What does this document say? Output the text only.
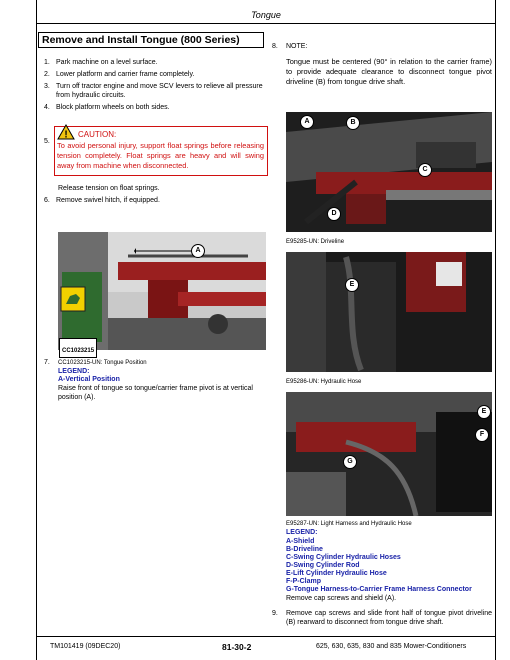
Tongue
Remove and Install Tongue (800 Series)
1. Park machine on a level surface.
2. Lower platform and carrier frame completely.
3. Turn off tractor engine and move SCV levers to relieve all pressure from hydraulic circuits.
4. Block platform wheels on both sides.
5.
! CAUTION:
To avoid personal injury, support float springs before releasing tension completely. Float springs are heavy and will swing away from machine when disconnected.
Release tension on float springs.
6. Remove swivel hitch, if equipped.
A
CC1023215
CC1023215-UN: Tongue Position
7.
LEGEND:
A-Vertical Position
Raise front of tongue so tongue/carrier frame pivot is at vertical position (A).
8. NOTE:
Tongue must be centered (90° in relation to the carrier frame) to provide adequate clearance to disconnect tongue pivot driveline (B) from tongue drive shaft.
A	B
C
D
E95285-UN: Driveline
E
E95286-UN: Hydraulic Hose
E
F
G
E95287-UN: Light Harness and Hydraulic Hose
LEGEND:
A-Shield
B-Driveline
C-Swing Cylinder Hydraulic Hoses
D-Swing Cylinder Rod
E-Lift Cylinder Hydraulic Hose
F-P-Clamp
G-Tongue Harness-to-Carrier Frame Harness Connector
Remove cap screws and shield (A).
9.	Remove cap screws and slide front half of tongue pivot driveline (B) rearward to disconnect from tongue drive shaft.
TM101419 (09DEC20)	81-30-2	625, 630, 635, 830 and 835 Mower-Conditioners
